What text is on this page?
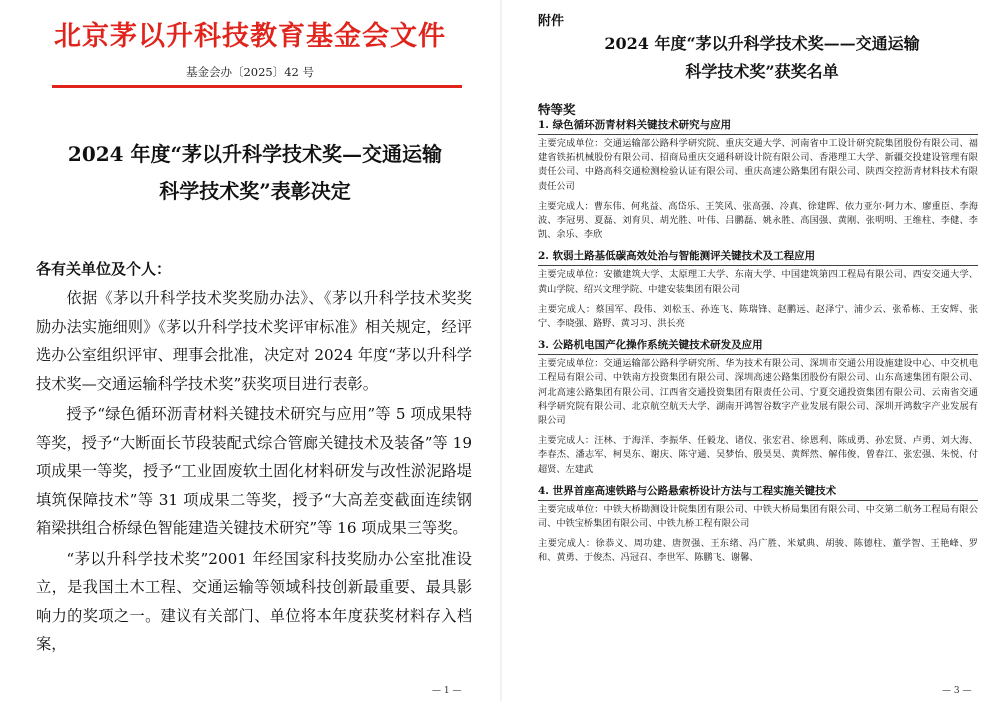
北京茅以升科技教育基金会文件
基金会办〔2025〕42 号
2024 年度“茅以升科学技术奖—交通运输
科学技术奖”表彰决定
各有关单位及个人：

依据《茅以升科学技术奖奖励办法》、《茅以升科学技术奖奖励办法实施细则》《茅以升科学技术奖评审标准》相关规定，经评选办公室组织评审、理事会批准，决定对 2024 年度“茅以升科学技术奖—交通运输科学技术奖”获奖项目进行表彰。

授予“绿色循环沥青材料关键技术研究与应用”等 5 项成果特等奖，授予“大断面长节段装配式综合管廊关键技术及装备”等 19 项成果一等奖，授予“工业固废软土固化材料研发与改性淤泥路堤填筑保障技术”等 31 项成果二等奖，授予“大高差变截面连续钢箱梁拱组合桥绿色智能建造关键技术研究”等 16 项成果三等奖。

“茅以升科学技术奖”2001 年经国家科技奖励办公室批准设立，是我国土木工程、交通运输等领域科技创新最重要、最具影响力的奖项之一。建议有关部门、单位将本年度获奖材料存入档案，

— 1 —
附件
2024 年度“茅以升科学技术奖——交通运输
科学技术奖”获奖名单
特等奖
1. 绿色循环沥青材料关键技术研究与应用
主要完成单位：交通运输部公路科学研究院、重庆交通大学、河南省中工设计研究院集团股份有限公司、福建省铁拓机械股份有限公司、招商局重庆交通科研设计院有限公司、香港理工大学、新疆交投建设管理有限责任公司、中路高科交通检测检验认证有限公司、重庆高速公路集团有限公司、陕西交控沥青材料技术有限责任公司
主要完成人：曹东伟、何兆益、高岱乐、王笑风、张高强、冷真、徐建晖、依力亚尔·阿力木、廖重臣、李海波、李冠男、夏磊、刘育贝、胡光胜、叶伟、吕鹏磊、姚永胜、高国强、黄刚、张明明、王维柱、李健、李凯、余乐、李欣
2. 软弱土路基低碳高效处治与智能测评关键技术及工程应用
主要完成单位：安徽建筑大学、太原理工大学、东南大学、中国建筑第四工程局有限公司、西安交通大学、黄山学院、绍兴文理学院、中建安装集团有限公司
主要完成人：蔡国军、段伟、刘松玉、孙连飞、陈瑞锋、赵鹏远、赵泽宁、浦少云、张希栋、王安辉、张宁、李晓强、路野、黄习习、洪长亮
3. 公路机电国产化操作系统关键技术研发及应用
主要完成单位：交通运输部公路科学研究所、华为技术有限公司、深圳市交通公用设施建设中心、中交机电工程局有限公司、中铁南方投资集团有限公司、深圳高速公路集团股份有限公司、山东高速集团有限公司、河北高速公路集团有限公司、江西省交通投资集团有限责任公司、宁夏交通投资集团有限公司、云南省交通科学研究院有限公司、北京航空航天大学、湖南开鸿智谷数字产业发展有限公司、深圳开鸿数字产业发展有限公司
主要完成人：汪林、于海洋、李振华、任毅龙、诸仪、张宏君、徐恩利、陈成勇、孙宏贤、卢勇、刘大海、李春杰、潘志军、柯昊东、谢庆、陈守通、吴梦怡、殷昊昊、黄辉然、解伟俊、曾春江、张宏强、朱悦、付超贤、左建武
4. 世界首座高速铁路与公路悬索桥设计方法与工程实施关键技术
主要完成单位：中铁大桥勘测设计院集团有限公司、中铁大桥局集团有限公司、中交第二航务工程局有限公司、中铁宝桥集团有限公司、中铁九桥工程有限公司
主要完成人：徐恭义、周功建、唐贺强、王东绪、冯广胜、米斌典、胡骏、陈德柱、董学智、王艳峰、罗和、黄勇、于俊杰、冯冠召、李世军、陈鹏飞、谢馨、
— 3 —
